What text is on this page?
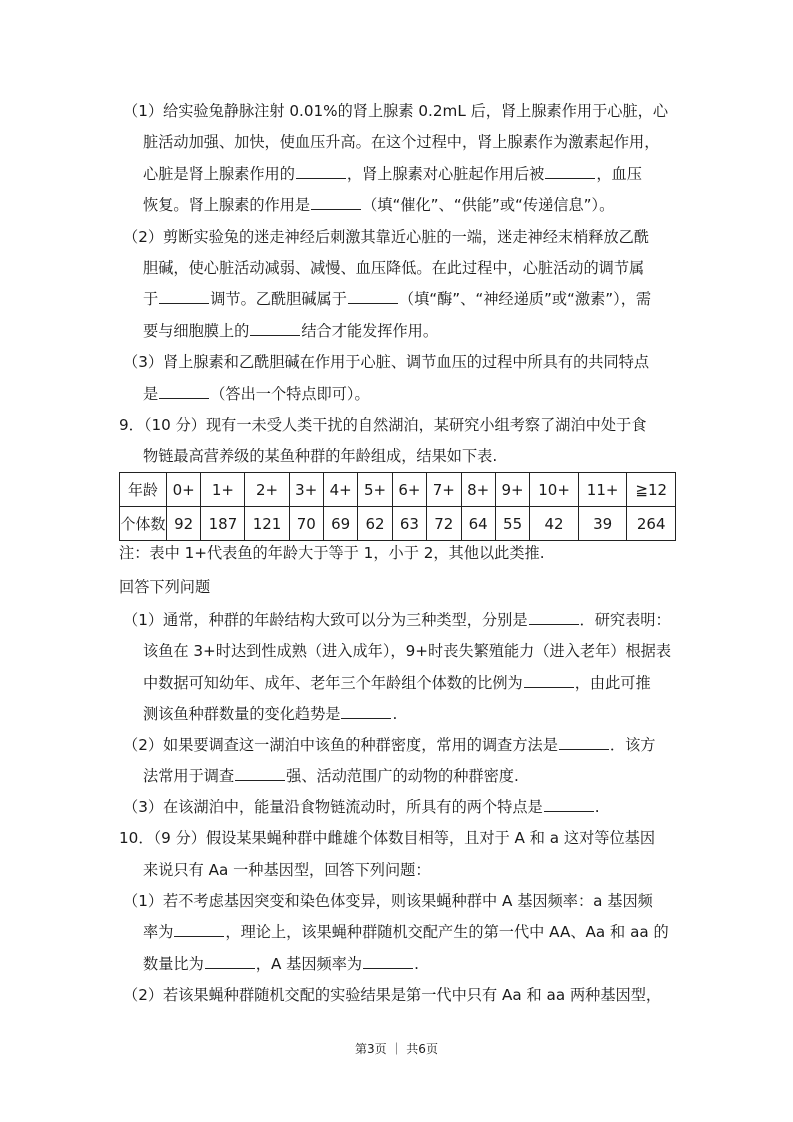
（1）给实验兔静脉注射 0.01%的肾上腺素 0.2mL 后，肾上腺素作用于心脏，心
脏活动加强、加快，使血压升高。在这个过程中，肾上腺素作为激素起作用，
心脏是肾上腺素作用的	，肾上腺素对心脏起作用后被	，血压
恢复。肾上腺素的作用是	（填“催化”、“供能”或“传递信息”）。
（2）剪断实验兔的迷走神经后刺激其靠近心脏的一端，迷走神经末梢释放乙酰
胆碱，使心脏活动减弱、减慢、血压降低。在此过程中，心脏活动的调节属
于	调节。乙酰胆碱属于	（填“酶”、“神经递质”或“激素”），需
要与细胞膜上的	结合才能发挥作用。
（3）肾上腺素和乙酰胆碱在作用于心脏、调节血压的过程中所具有的共同特点
是	（答出一个特点即可）。
9．（10 分）现有一未受人类干扰的自然湖泊，某研究小组考察了湖泊中处于食
物链最高营养级的某鱼种群的年龄组成，结果如下表.
注：表中 1+代表鱼的年龄大于等于 1，小于 2，其他以此类推.
回答下列问题
（1）通常，种群的年龄结构大致可以分为三种类型，分别是	．研究表明：
该鱼在 3+时达到性成熟（进入成年），9+时丧失繁殖能力（进入老年）根据表
中数据可知幼年、成年、老年三个年龄组个体数的比例为	，由此可推
测该鱼种群数量的变化趋势是	.
（2）如果要调查这一湖泊中该鱼的种群密度，常用的调查方法是	．该方
法常用于调查	强、活动范围广的动物的种群密度.
（3）在该湖泊中，能量沿食物链流动时，所具有的两个特点是	.
10．（9 分）假设某果蝇种群中雌雄个体数目相等，且对于 A 和 a 这对等位基因
来说只有 Aa 一种基因型，回答下列问题：
（1）若不考虑基因突变和染色体变异，则该果蝇种群中 A 基因频率：a 基因频
率为	，理论上，该果蝇种群随机交配产生的第一代中 AA、Aa 和 aa 的
数量比为	，A 基因频率为	.
（2）若该果蝇种群随机交配的实验结果是第一代中只有 Aa 和 aa 两种基因型，
年龄	0+	1+	2+	3+	4+	5+	6+	7+	8+	9+	10+	11+	≧12
个体数	92	187	121	70	69	62	63	72	64	55	42	39	264
第3页 ｜ 共6页
